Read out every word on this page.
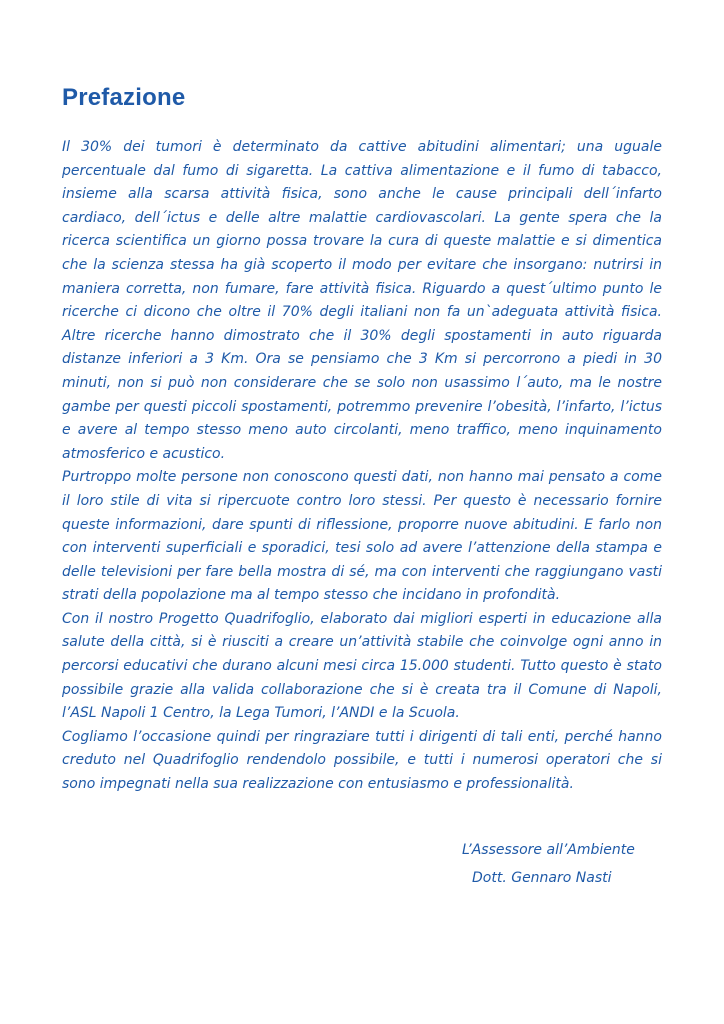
Prefazione

Il 30% dei tumori è determinato da cattive abitudini alimentari; una uguale percentuale dal fumo di sigaretta. La cattiva alimentazione e il fumo di tabacco, insieme alla scarsa attività fisica, sono anche le cause principali dell´infarto cardiaco, dell´ictus e delle altre malattie cardiovascolari. La gente spera che la ricerca scientifica un giorno possa trovare la cura di queste malattie e si dimentica che la scienza stessa ha già scoperto il modo per evitare che insorgano: nutrirsi in maniera corretta, non fumare, fare attività fisica. Riguardo a quest´ultimo punto le ricerche ci dicono che oltre il 70% degli italiani non fa un`adeguata attività fisica. Altre ricerche hanno dimostrato che il 30% degli spostamenti in auto riguarda distanze inferiori a 3 Km. Ora se pensiamo che 3 Km si percorrono a piedi in 30 minuti, non si può non considerare che se solo non usassimo l´auto, ma le nostre gambe per questi piccoli spostamenti, potremmo prevenire l’obesità, l’infarto, l’ictus e avere al tempo stesso meno auto circolanti, meno traffico, meno inquinamento atmosferico e acustico.

Purtroppo molte persone non conoscono questi dati, non hanno mai pensato a come il loro stile di vita si ripercuote contro loro stessi. Per questo è necessario fornire queste informazioni, dare spunti di riflessione, proporre nuove abitudini. E farlo non con interventi superficiali e sporadici, tesi solo ad avere l’attenzione della stampa e delle televisioni per fare bella mostra di sé, ma con interventi che raggiungano vasti strati della popolazione ma al tempo stesso che incidano in profondità.

Con il nostro Progetto Quadrifoglio, elaborato dai migliori esperti in educazione alla salute della città, si è riusciti a creare un’attività stabile che coinvolge ogni anno in percorsi educativi che durano alcuni mesi circa 15.000 studenti. Tutto questo è stato possibile grazie alla valida collaborazione che si è creata tra il Comune di Napoli, l’ASL Napoli 1 Centro, la Lega Tumori, l’ANDI e la Scuola.

Cogliamo l’occasione quindi per ringraziare tutti i dirigenti di tali enti, perché hanno creduto nel Quadrifoglio rendendolo possibile, e tutti i numerosi operatori che si sono impegnati nella sua realizzazione con entusiasmo e professionalità.

L’Assessore all’Ambiente
Dott. Gennaro Nasti
